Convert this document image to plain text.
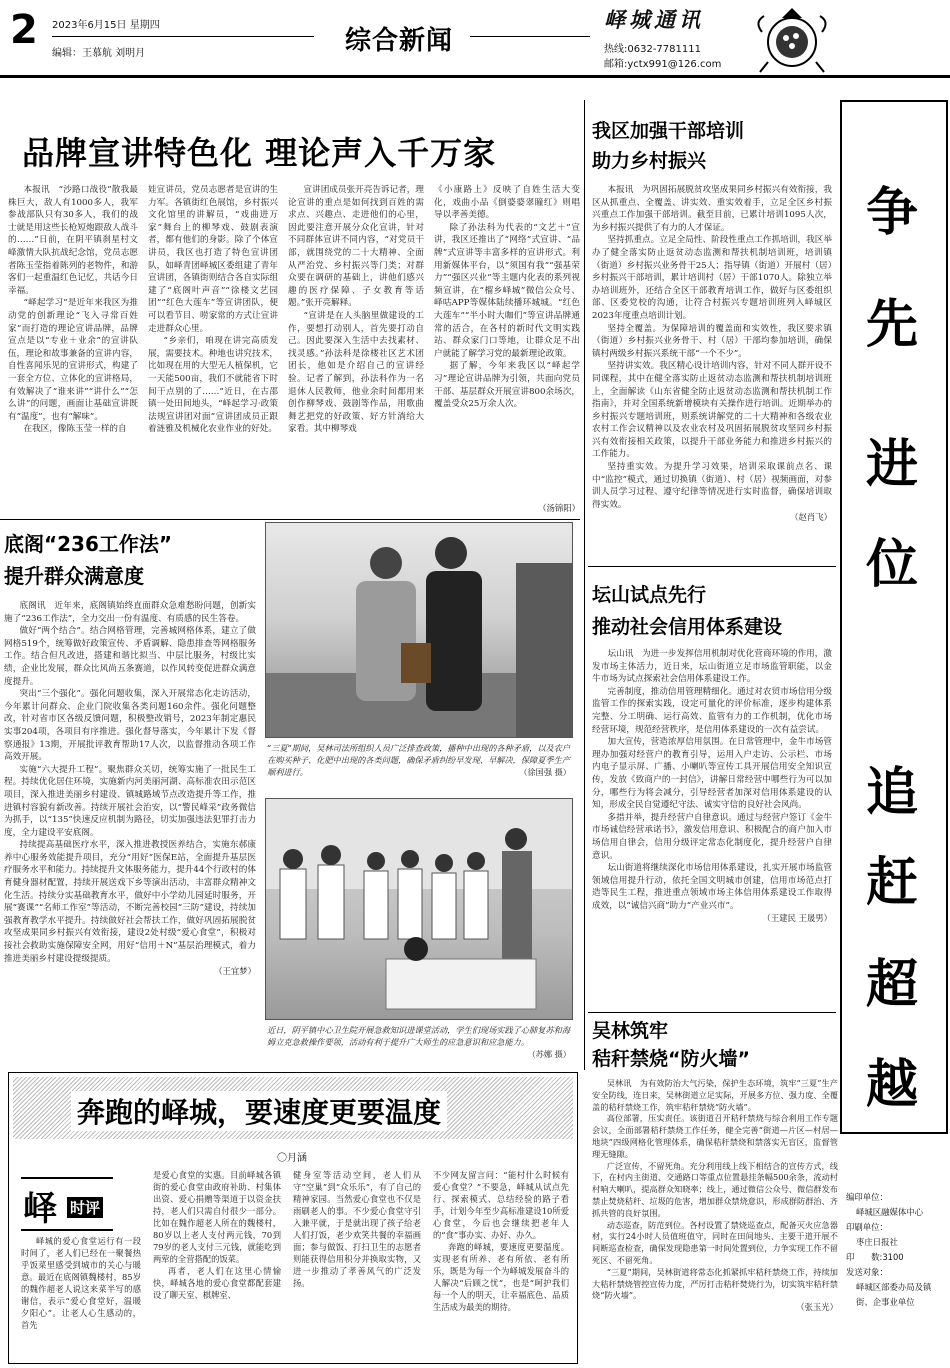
2 2023年6月15日 星期四
编辑：王慕航 刘明月	综合新闻
峄城通讯
热线:0632-7781111
邮箱:yctx991@126.com
争
先
进
位
追
赶
超
越
编印单位：
峄城区融媒体中心
印刷单位：
枣庄日报社
印　　数:3100
发送对象：
峄城区部委办局及镇街、企事业单位
品牌宣讲特色化 理论声入千万家

本报讯　“沙路口战役”散我最株巨大，敌人有1000多人，我军参战部队只有30多人，我们的战士就是用这些长枪短炮跟敌人战斗的……”日前，在阴平镇刹星村文峰激情大队抗战纪念馆，党员志愿者陈玉莹指着陈列的老物件，和游客们一起重温红色记忆，共话今日幸福。

“峄起学习”是近年来我区为推动党的创新理论“飞入寻常百姓家”而打造的理论宣讲品牌，品牌宣点是以“专业＋业余”的宣讲队伍，理论和故事兼备的宣讲内容，自性喜闻乐见的宣讲形式，构建了一套全方位、立体化的宣讲格局，有效解决了“谁来讲”“讲什么”“怎么讲”的问题，画面让基础宣讲既有“温度”，也有“解味”。

在我区，像陈玉莹一样的自

娃宣讲员，党员志愿者是宣讲的生力军。各镇街红色展馆，乡村振兴文化馆里的讲解员，“戏曲进万家”舞台上的柳琴戏、鼓剧表演者，都有他们的身影。除了个体宣讲员，我区也打造了特色宣讲团队，如峄青团峄城区委组建了青年宣讲团，各镇街则结合各自实际组建了“底阁叶声音”“徐楼文艺园团”“红色大莲车”等宣讲团队，便可以看节目、唠家常的方式让宣讲走进群众心里。

“乡亲们，咱现在讲完高质发展，需要技术。种地也讲究技术，比如现在用的大型无人植保机，它一天能500亩，我们不就能省下时间干点别的了……”近日，在古邵镇一处田间地头，“峄起学习·政策法规宣讲团对面”宣讲团成员正跟着涟雅及机械化农业作业的好处。

宣讲团成员张开亮告诉记者，理论宣讲的重点是如何找到百姓的需求点、兴趣点、走进他们的心里，因此要注意开展分众化宣讲，针对不同群体宣讲不同内容，“对党员干部，就围绕党的二十大精神、全面从严治党、乡村振兴等门类；对群众要在调研的基础上，讲他们感兴趣的医疗保障、子女教育等话题。”张开亮解释。

“宣讲是在人头脑里做建设的工作，要想打动别人，首先要打动自己。因此要深入生活中去找素材、找灵感。”孙法科是徐楼社区艺术团团长，他如是介绍自己的宣讲经验。记者了解到，孙法科作为一名退休人民教师，他业余时间都用来创作柳琴戏、鼓剧等作品，用歌曲舞艺把党的好政策、好方针淌给大家看。其中柳琴戏

《小康路上》反映了自姓生活大变化，戏曲小品《倒婆婆翠瞳红》则唱导以孝善美德。

除了孙法科为代表的“文艺＋”宣讲，我区还推出了“网络”式宣讲、“品牌”式宣讲等丰富多样的宣讲形式。利用新媒体平台，以“须国有我”“强基荣力”“强区兴业”等主题内化表的系列视频宣讲，在“榴乡峄城”微信公众号、峄咕APP等媒体陆续播环城城。“红色大莲车”“半小时大咖们”等宣讲品牌通常的活合，在各村的新时代文明实践站、群众家门口等地，让群众足不出户就能了解学习党的最新理论政策。

据了解，今年来我区以“峄起学习”理论宣讲品牌为引领，共面向党员干部、基层群众开展宣讲800余场次，覆盖受众25万余人次。

（汤锦阳）
底阁“236工作法”
提升群众满意度

底阁讯　近年来，底阁镇始终直面群众急难愁盼问题，创新实施了“236工作法”，全力交出一份有温度、有质感的民生答卷。

做好“两个结合”。结合网格管理，完善城网格体系，建立了做网格519个，统筹做好政策宣传、矛盾调解、隐患排查等网格服务工作。结合但凡改进，搭建和谐比拟当、中层比服务，村级比实绩，企业比发展，群众比风尚五条赛道，以作风转变促进群众满意度提升。

突出“三个强化”。强化问题收集，深入开展常态化走访活动，今年累计问群众、企业门院收集各类问题160余件。强化问题整改，针对省市区各级反馈问题，积极整改销号，2023年制定惠民实事204项，各项目有序推进。强化督导落实，今年累计下发《督察通报》13期，开展批评教育帮助17人次，以监督推动各项工作高效开展。

实施“六大提升工程”。聚焦群众关切，统筹实施了一批民生工程。持续优化居住环境，实施新内河美丽河湖、高标准农田示范区项目，深入推进美丽乡村建设、镇城路域节点改造提升等工作，推进镇村容貌有新改善。持续开展社会治安，以“警民峰采”政务微信为抓手，以“135”快速反应机制为路径，切实加强违法犯罪打击力度，全力建设平安底阁。

持续提高基础医疗水平，深入推进教授医养结合，实施东郝康养中心服务效能提升项目，充分“用好”医保E站，全面提升基层医疗服务水平和能力。持续提升文体服务能力，提升44个行政村的体育健身器材配置，持续开展送戏下乡等演出活动，丰富群众精神文化生活。持续分实基础教育水平，做好中小学幼儿园延时服务，开展“赛课”“名师工作室”等活动，不断完善校园“三防”建设，持续加强教育教学水平提升。持续做好社会帮扶工作，做好巩固拓展脱贫攻坚成果同乡村振兴有效衔接，建设2处村级“爱心食堂”，积极对接社会救助实施保障安全网，用好“信用＋N”基层治理模式，着力推进美丽乡村建设提级提质。

（王宜梦）
“三夏”期间，吴林司法所组织人员广泛排查政策，播种中出现的各种矛盾，以及农户在购买种子、化肥中出现的各类问题，确保矛盾纠纷早发现、早解决，保障夏季生产顺利进行。	（徐国强 摄）
近日，阴平镇中心卫生院开展急救知识进课堂活动，学生们现场实践了心肺复苏和海姆立克急救操作要领，活动有利于提升广大师生的应急意识和应急能力。
（苏娜 摄）
我区加强干部培训
助力乡村振兴

本报讯　为巩固拓展脱贫攻坚成果同乡村振兴有效衔接，我区从抓重点、全覆盖、讲实效、重实效着手，立足全区乡村振兴重点工作加强干部培训。截至目前，已累计培训1095人次，为乡村振兴提供了有力的人才保证。

坚持抓重点。立足全局性、阶段性重点工作抓培训，我区举办了健全落实防止返贫动态监测和帮扶机制培训班，培训镇（街道）乡村振兴业务骨干25人；指导镇（街道）开展村（居）乡村振兴干部培训，累计培训村（居）干部1070人。除独立举办培训班外，还结合全区干部教育培训工作，做好与区委组织部、区委党校的沟通，让符合村振兴专题培训班列入峄城区2023年度重点培训计划。

坚持全覆盖。为保障培训的覆盖面和实效性，我区要求镇（街道）乡村振兴业务骨干、村（居）干部均参加培训，确保镇村两级乡村振兴系统干部“一个不少”。

坚持讲实效。我区精心设计培训内容，针对不同人群开设不同课程，其中在健全落实防止返贫动态监测和帮扶机制培训班上，全面解读《山东省健全防止返贫动态监测和帮扶机制工作指南》，并对全国系统新增模块有关操作进行培训。近期举办的乡村振兴专题培训班，则系统讲解党的二十大精神和各级农业农村工作会议精神以及农业农村及巩固拓展脱贫攻坚同乡村振兴有效衔接相关政策，以提升干部业务能力和推进乡村振兴的工作能力。

坚持重实效。为提升学习效果，培训采取课前点名、课中“监控”模式，通过切换镇（街道）、村（居）视频画面，对参训人员学习过程、遵守纪律等情况进行实时监督，确保培训取得实效。

（赵肖飞）
坛山试点先行
推动社会信用体系建设

坛山讯　为进一步发挥信用机制对优化营商环境的作用，激发市场主体活力，近日来，坛山街道立足市场监管职能，以金牛市场为试点探索社会信用体系建设工作。

完善制度，推动信用管理精细化。通过对农贸市场信用分级监管工作的探索实践，设定可量化的评价标准，逐步构建体系完整、分工明确、运行高效、监管有力的工作机制，优化市场经营环境，规范经营秩序，是信用体系建设的一次有益尝试。

加大宣传，营造浓厚信用氛围。在日常管理中，金牛市场管理办加强对经营户的教育引导，运用入户走访、公示栏、市场内电子显示屏、广播、小喇叭等宣传工具开展信用安全知识宣传，发放《致商户的一封信》，讲解日常经营中哪些行为可以加分，哪些行为将会减分，引导经营者加深对信用体系建设的认知，形成全民自觉遵纪守法、诚实守信的良好社会风尚。

多措并举，提升经营户自律意识。通过与经营户签订《金牛市场诚信经营承诺书》，激发信用意识、积极配合的商户加入市场信用自律会，信用分级评定常态化制度化，提升经营户自律意识。

坛山街道将继续深化市场信用体系建设，扎实开展市场监管领域信用提升行动，依托全国文明城市创建，信用市场范点打造等民生工程，推进重点领域市场主体信用体系建设工作取得成效，以“诚信兴商”助力“产业兴市”。

（王建民 王晟男）
吴林筑牢
秸秆禁烧“防火墙”

吴林讯　为有效防治大气污染，保护生态环境，筑牢“三夏”生产安全防线，连日来，吴林街道立足实际，开展多方位、强力度、全覆盖的秸秆禁烧工作，筑牢秸秆禁烧“防火墙”。

高位部署，压实责任。该街道召开秸秆禁烧与综合利用工作专题会议，全面部署秸秆禁烧工作任务，健全完善“街道—片区—村居—地块”四级网格化管理体系，确保秸秆禁烧和禁落实无盲区，监督管理无缝隙。

广泛宣传，不留死角。充分利用线上线下相结合的宣传方式，线下，在村内主街道、交通路口等重点位置悬挂条幅500余条，流动村村响大喇叭，提高群众知晓率；线上，通过微信公众号、微信群发布禁止焚烧秸秆、垃圾的危害，增加群众禁烧意识，形成群防群治、齐抓共管的良好氛围。

动态巡查，防范到位。各村设置了禁烧巡查点，配备灭火应急器材，实行24小时人员值班值守，同时在田间地头、主要干道开展不间断巡查检查，确保发现隐患第一时间处置到位，力争实现工作不留死区、不留死角。

“三夏”期间，吴林街道将常态化抓紧抓牢秸秆禁烧工作，持续加大秸秆禁烧管控宣传力度，严厉打击秸秆焚烧行为，切实筑牢秸秆禁烧“防火墙”。

（张玉光）
奔跑的峄城，要速度更要温度
〇月涵
峄 时评

峄城的爱心食堂运行有一段时间了，老人们已经在一聚餐热乎饭菜里感受到城市的关心与暖意。最近在底阁镇魏楼村，85岁的魏作超老人说这来菜半写的感谢信，表示“爱心食堂好，温暖夕阳心”。让老人心生感动的，首先

是爱心食堂的实惠。目前峄城各镇街的爱心食堂由政府补助、村集体出资、爱心捐赠等渠道于以资金扶持，老人们只需自付很少一部分。比如在魏作超老人所在的魏楼村，80岁以上老人支付两元钱，70到79岁的老人支付三元钱，就能吃到两荤的全营搭配的饭菜。

再者，老人们在这里心情愉快，峄城各地的爱心食堂都配套建设了聊天室、棋牌室、

健身室等活动空间，老人们从守“空巢”到“众乐乐”，有了自己的精神家园。当然爱心食堂也不仅是雨刷老人的事。不少爱心食堂守引入兼平就，于是就出现了孩子给老人们打饭，老少欢笑共餐的幸福画面；参与做饭、打扫卫生的志愿者则能获得信用积分并换取实物，又进一步推动了孝善风气的广泛发扬。

不少网友留言问：“能村什么时候有爱心食堂？”不要急，峄城从试点先行、探索模式、总结经验的路子看手，计划今年至少高标准建设10所爱心食堂，今后也会继续把老年人的“食”事办实、办好、办久。

奔跑的峄城，要速度更要温度。实现老有所养、老有所依、老有所乐，既是为每一个为峄城发展奋斗的人解决“后顾之忧”，也是“呵护我们每一个人的明天，让幸福底色、品质生活成为最美的期待。
